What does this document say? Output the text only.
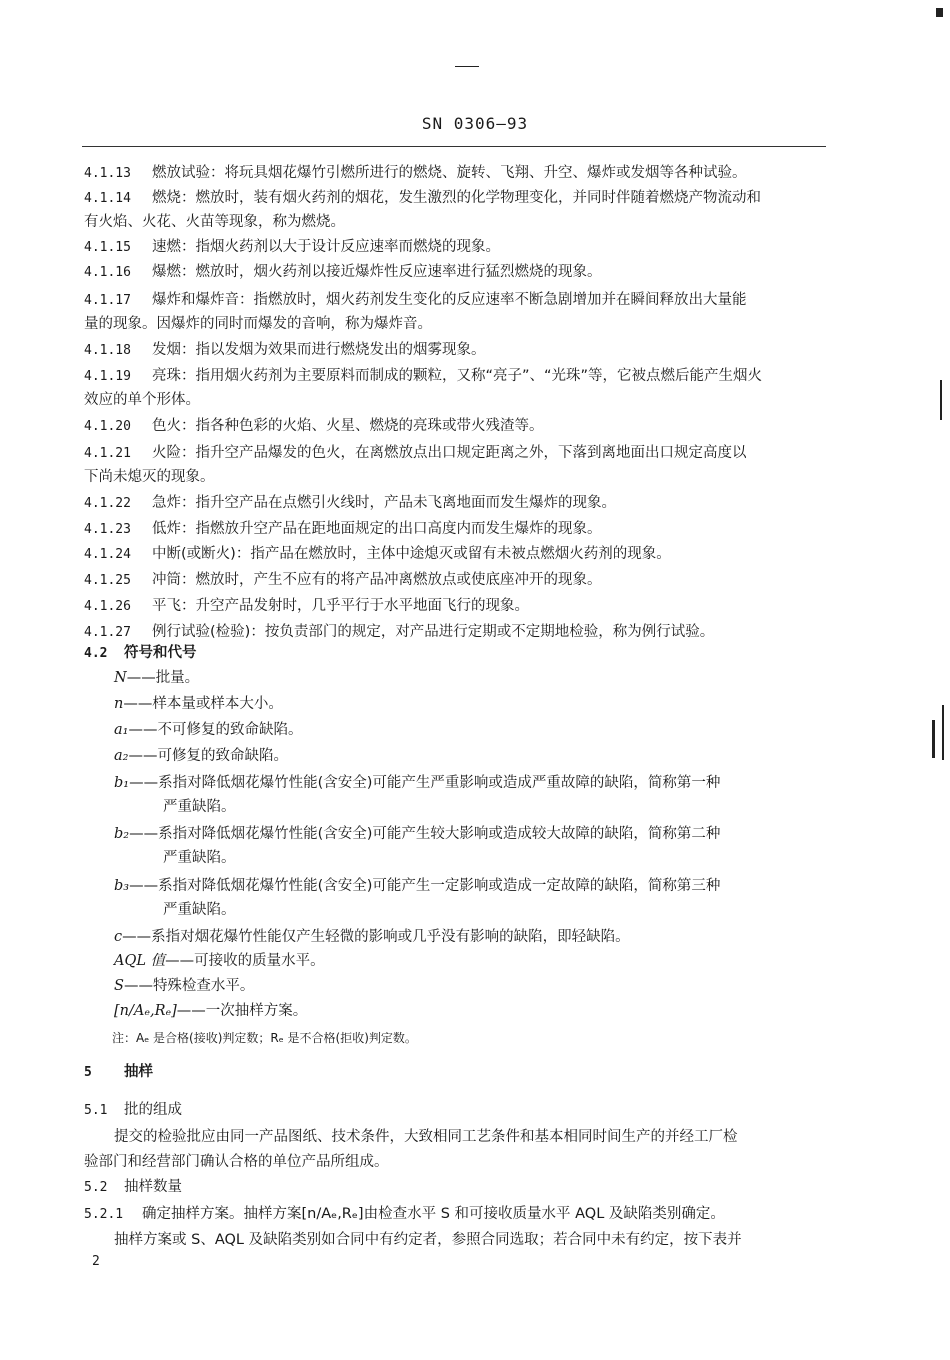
SN 0306—93
4.1.13 燃放试验：将玩具烟花爆竹引燃所进行的燃烧、旋转、飞翔、升空、爆炸或发烟等各种试验。
4.1.14 燃烧：燃放时，装有烟火药剂的烟花，发生激烈的化学物理变化，并同时伴随着燃烧产物流动和
有火焰、火花、火苗等现象，称为燃烧。
4.1.15 速燃：指烟火药剂以大于设计反应速率而燃烧的现象。
4.1.16 爆燃：燃放时，烟火药剂以接近爆炸性反应速率进行猛烈燃烧的现象。
4.1.17 爆炸和爆炸音：指燃放时，烟火药剂发生变化的反应速率不断急剧增加并在瞬间释放出大量能
量的现象。因爆炸的同时而爆发的音响，称为爆炸音。
4.1.18 发烟：指以发烟为效果而进行燃烧发出的烟雾现象。
4.1.19 亮珠：指用烟火药剂为主要原料而制成的颗粒，又称“亮子”、“光珠”等，它被点燃后能产生烟火
效应的单个形体。
4.1.20 色火：指各种色彩的火焰、火星、燃烧的亮珠或带火残渣等。
4.1.21 火险：指升空产品爆发的色火，在离燃放点出口规定距离之外，下落到离地面出口规定高度以
下尚未熄灭的现象。
4.1.22 急炸：指升空产品在点燃引火线时，产品未飞离地面而发生爆炸的现象。
4.1.23 低炸：指燃放升空产品在距地面规定的出口高度内而发生爆炸的现象。
4.1.24 中断(或断火)：指产品在燃放时，主体中途熄灭或留有未被点燃烟火药剂的现象。
4.1.25 冲筒：燃放时，产生不应有的将产品冲离燃放点或使底座冲开的现象。
4.1.26 平飞：升空产品发射时，几乎平行于水平地面飞行的现象。
4.1.27 例行试验(检验)：按负责部门的规定，对产品进行定期或不定期地检验，称为例行试验。
4.2 符号和代号
N——批量。
n——样本量或样本大小。
a₁——不可修复的致命缺陷。
a₂——可修复的致命缺陷。
b₁——系指对降低烟花爆竹性能(含安全)可能产生严重影响或造成严重故障的缺陷，简称第一种
严重缺陷。
b₂——系指对降低烟花爆竹性能(含安全)可能产生较大影响或造成较大故障的缺陷，简称第二种
严重缺陷。
b₃——系指对降低烟花爆竹性能(含安全)可能产生一定影响或造成一定故障的缺陷，简称第三种
严重缺陷。
c——系指对烟花爆竹性能仅产生轻微的影响或几乎没有影响的缺陷，即轻缺陷。
AQL 值——可接收的质量水平。
S——特殊检查水平。
[n/Aₑ,Rₑ]——一次抽样方案。
注：Aₑ 是合格(接收)判定数；Rₑ 是不合格(拒收)判定数。
5 抽样
5.1 批的组成
提交的检验批应由同一产品图纸、技术条件，大致相同工艺条件和基本相同时间生产的并经工厂检
验部门和经营部门确认合格的单位产品所组成。
5.2 抽样数量
5.2.1 确定抽样方案。抽样方案[n/Aₑ,Rₑ]由检查水平 S 和可接收质量水平 AQL 及缺陷类别确定。
抽样方案或 S、AQL 及缺陷类别如合同中有约定者，参照合同选取；若合同中未有约定，按下表并
2
